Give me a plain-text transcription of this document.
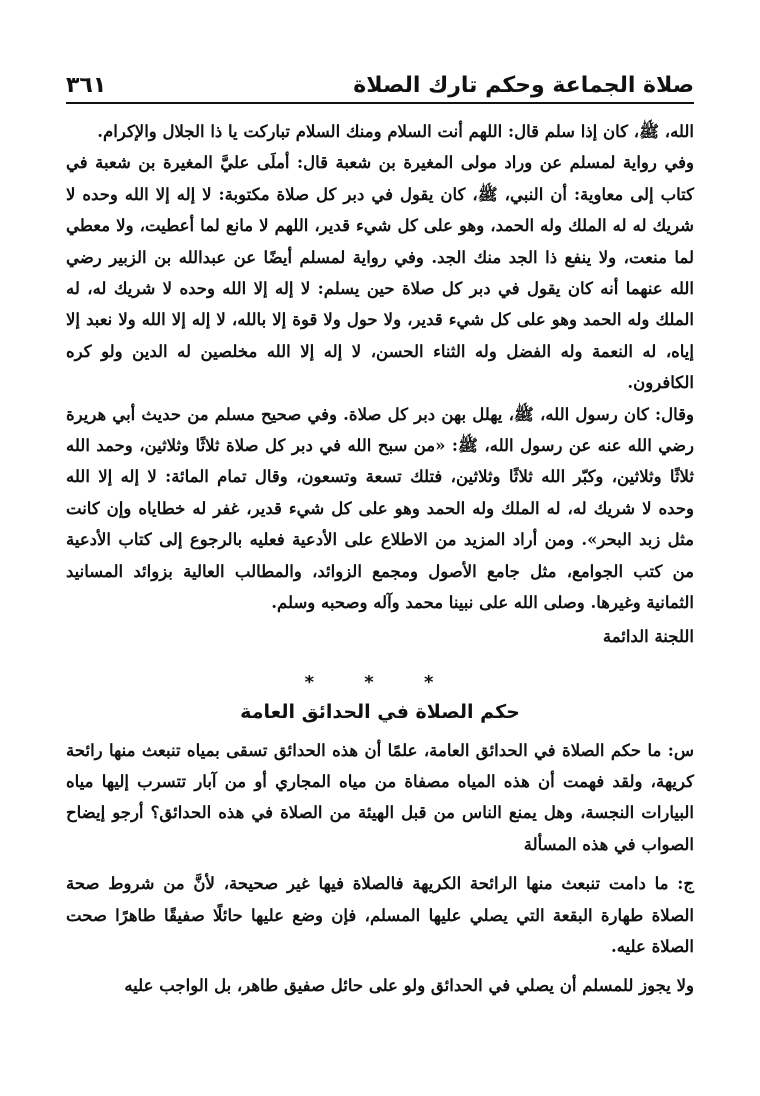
صلاة الجماعة وحكم تارك الصلاة
٣٦١

الله، ﷺ، كان إذا سلم قال: اللهم أنت السلام ومنك السلام تباركت يا ذا الجلال والإكرام.

وفي رواية لمسلم عن وراد مولى المغيرة بن شعبة قال: أملَى عليَّ المغيرة بن شعبة في كتاب إلى معاوية: أن النبي، ﷺ، كان يقول في دبر كل صلاة مكتوبة: لا إله إلا الله وحده لا شريك له له الملك وله الحمد، وهو على كل شيء قدير، اللهم لا مانع لما أعطيت، ولا معطي لما منعت، ولا ينفع ذا الجد منك الجد. وفي رواية لمسلم أيضًا عن عبدالله بن الزبير رضي الله عنهما أنه كان يقول في دبر كل صلاة حين يسلم: لا إله إلا الله وحده لا شريك له، له الملك وله الحمد وهو على كل شيء قدير، ولا حول ولا قوة إلا بالله، لا إله إلا الله ولا نعبد إلا إياه، له النعمة وله الفضل وله الثناء الحسن، لا إله إلا الله مخلصين له الدين ولو كره الكافرون.

وقال: كان رسول الله، ﷺ، يهلل بهن دبر كل صلاة. وفي صحيح مسلم من حديث أبي هريرة رضي الله عنه عن رسول الله، ﷺ: «من سبح الله في دبر كل صلاة ثلاثًا وثلاثين، وحمد الله ثلاثًا وثلاثين، وكبّر الله ثلاثًا وثلاثين، فتلك تسعة وتسعون، وقال تمام المائة: لا إله إلا الله وحده لا شريك له، له الملك وله الحمد وهو على كل شيء قدير، غفر له خطاياه وإن كانت مثل زبد البحر». ومن أراد المزيد من الاطلاع على الأدعية فعليه بالرجوع إلى كتاب الأدعية من كتب الجوامع، مثل جامع الأصول ومجمع الزوائد، والمطالب العالية بزوائد المسانيد الثمانية وغيرها. وصلى الله على نبينا محمد وآله وصحبه وسلم.

اللجنة الدائمة
* * *
حكم الصلاة في الحدائق العامة

س: ما حكم الصلاة في الحدائق العامة، علمًا أن هذه الحدائق تسقى بمياه تنبعث منها رائحة كريهة، ولقد فهمت أن هذه المياه مصفاة من مياه المجاري أو من آبار تتسرب إليها مياه البيارات النجسة، وهل يمنع الناس من قبل الهيئة من الصلاة في هذه الحدائق؟ أرجو إيضاح الصواب في هذه المسألة

ج: ما دامت تنبعث منها الرائحة الكريهة فالصلاة فيها غير صحيحة، لأنَّ من شروط صحة الصلاة طهارة البقعة التي يصلي عليها المسلم، فإن وضع عليها حائلًا صفيقًا طاهرًا صحت الصلاة عليه.

ولا يجوز للمسلم أن يصلي في الحدائق ولو على حائل صفيق طاهر، بل الواجب عليه
